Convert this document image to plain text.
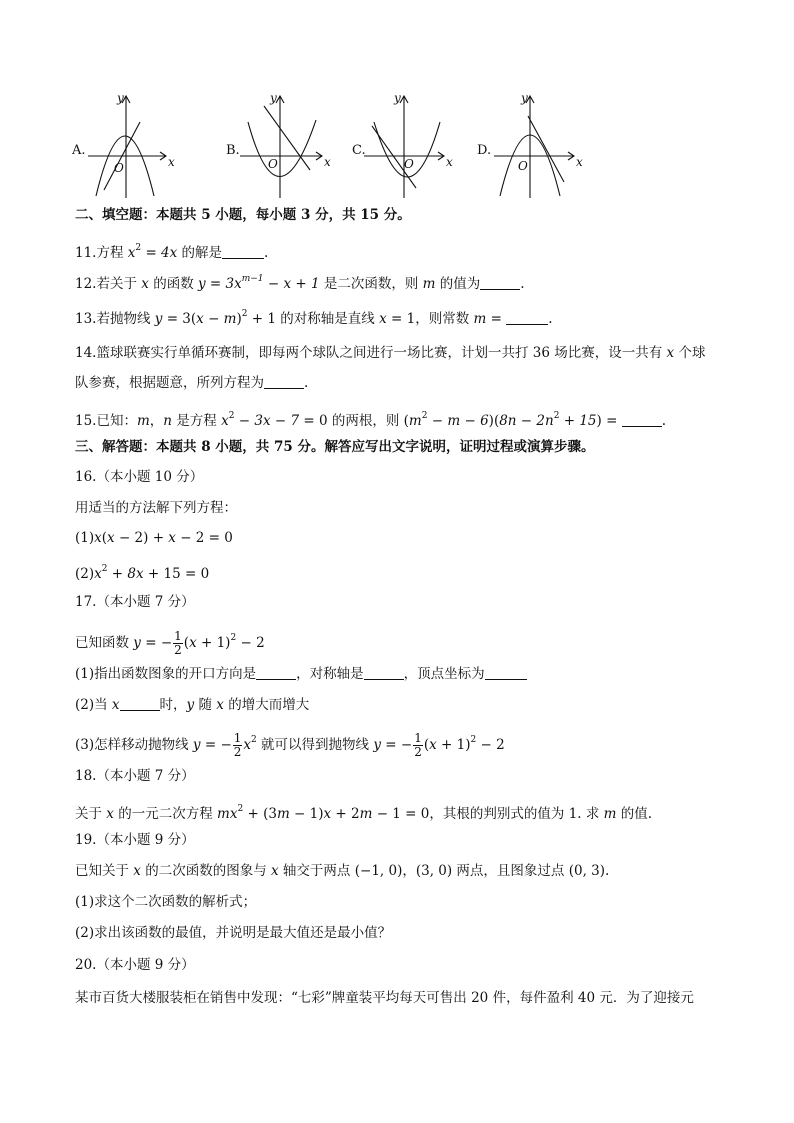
A.
x
y
O
B.
x
y
O
C.
x
y
O
D.
x
y
O
二、填空题：本题共 5 小题，每小题 3 分，共 15 分。
11.方程 $x^2 = 4x$ 的解是	.
12.若关于 x 的函数 $y = 3x^{m-1} - x + 1$ 是二次函数，则 m 的值为	.
13.若抛物线 $y = 3(x - m)^2 + 1$ 的对称轴是直线 x = 1，则常数 m =	.
14.篮球联赛实行单循环赛制，即每两个球队之间进行一场比赛，计划一共打 36 场比赛，设一共有 x 个球
队参赛，根据题意，所列方程为	.
15.已知：m，n 是方程 $x^2 - 3x - 7 = 0$ 的两根，则 $(m^2 - m - 6)(8n - 2n^2 + 15)$ =	.
三、解答题：本题共 8 小题，共 75 分。解答应写出文字说明，证明过程或演算步骤。
16.（本小题 10 分）
用适当的方法解下列方程：
(1)x(x − 2) + x − 2 = 0
$(2)x^2 + 8x + 15 = 0$
17.（本小题 7 分）
已知函数 y = − $\frac{1}{2} (x + 1)^2 - 2$
(1)指出函数图象的开口方向是	，对称轴是	，顶点坐标为
(2)当 x	时，y 随 x 的增大而增大
(3)怎样移动抛物线 y = − $\frac{1}{2} x^2$ 就可以得到抛物线 y = − $\frac{1}{2} (x + 1)^2 - 2$
18.（本小题 7 分）
关于 x 的一元二次方程 $mx^2 + (3m - 1)x + 2m - 1 = 0$，其根的判别式的值为 1. 求 m 的值.
19.（本小题 9 分）
已知关于 x 的二次函数的图象与 x 轴交于两点 (−1, 0)，(3, 0) 两点，且图象过点 (0, 3).
(1)求这个二次函数的解析式；
(2)求出该函数的最值，并说明是最大值还是最小值？
20.（本小题 9 分）
某市百货大楼服装柜在销售中发现：“七彩”牌童装平均每天可售出 20 件，每件盈利 40 元．为了迎接元
